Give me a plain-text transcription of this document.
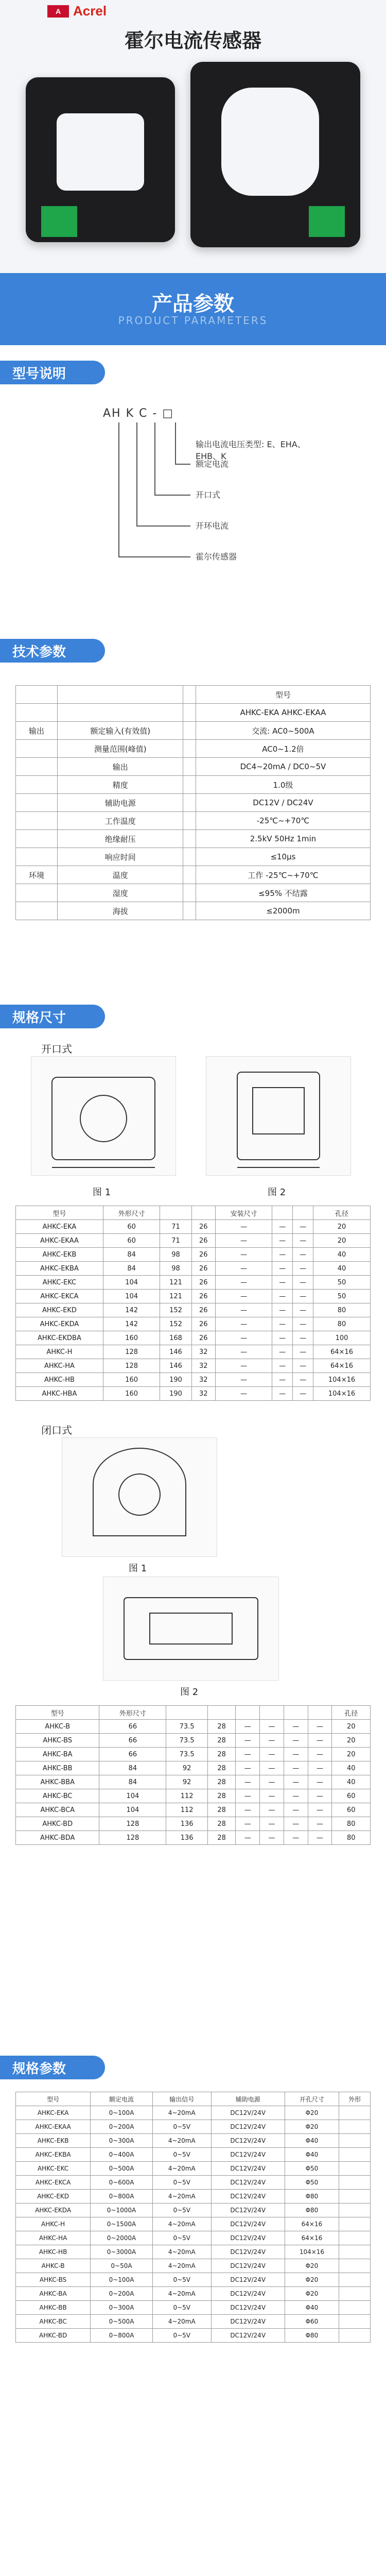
A Acrel
霍尔电流传感器
产品参数
PRODUCT PARAMETERS
型号说明
AH K C - □
输出电流电压类型: E、EHA、EHB、K
额定电流
开口式
开环电流
霍尔传感器
技术参数
			型号
			AHKC-EKA AHKC-EKAA
输出	额定输入(有效值)		交流: AC0~500A
	测量范围(峰值)		AC0~1.2倍
	输出		DC4~20mA / DC0~5V
	精度		1.0级
	辅助电源		DC12V / DC24V
	工作温度		-25℃~+70℃
	绝缘耐压		2.5kV 50Hz 1min
	响应时间		≤10μs
环境	温度		工作 -25℃~+70℃
	湿度		≤95% 不结露
	海拔		≤2000m
规格尺寸
开口式
图 1	图 2
型号	外形尺寸			安装尺寸			孔径
AHKC-EKA	60	71	26	—	—	—	20
AHKC-EKAA	60	71	26	—	—	—	20
AHKC-EKB	84	98	26	—	—	—	40
AHKC-EKBA	84	98	26	—	—	—	40
AHKC-EKC	104	121	26	—	—	—	50
AHKC-EKCA	104	121	26	—	—	—	50
AHKC-EKD	142	152	26	—	—	—	80
AHKC-EKDA	142	152	26	—	—	—	80
AHKC-EKDBA	160	168	26	—	—	—	100
AHKC-H	128	146	32	—	—	—	64×16
AHKC-HA	128	146	32	—	—	—	64×16
AHKC-HB	160	190	32	—	—	—	104×16
AHKC-HBA	160	190	32	—	—	—	104×16
闭口式
图 1
图 2
型号	外形尺寸							孔径
AHKC-B	66	73.5	28	—	—	—	—	20
AHKC-BS	66	73.5	28	—	—	—	—	20
AHKC-BA	66	73.5	28	—	—	—	—	20
AHKC-BB	84	92	28	—	—	—	—	40
AHKC-BBA	84	92	28	—	—	—	—	40
AHKC-BC	104	112	28	—	—	—	—	60
AHKC-BCA	104	112	28	—	—	—	—	60
AHKC-BD	128	136	28	—	—	—	—	80
AHKC-BDA	128	136	28	—	—	—	—	80
规格参数
型号	额定电流	输出信号	辅助电源	开孔尺寸	外形
AHKC-EKA	0~100A	4~20mA	DC12V/24V	Φ20	
AHKC-EKAA	0~200A	0~5V	DC12V/24V	Φ20	
AHKC-EKB	0~300A	4~20mA	DC12V/24V	Φ40	
AHKC-EKBA	0~400A	0~5V	DC12V/24V	Φ40	
AHKC-EKC	0~500A	4~20mA	DC12V/24V	Φ50	
AHKC-EKCA	0~600A	0~5V	DC12V/24V	Φ50	
AHKC-EKD	0~800A	4~20mA	DC12V/24V	Φ80	
AHKC-EKDA	0~1000A	0~5V	DC12V/24V	Φ80	
AHKC-H	0~1500A	4~20mA	DC12V/24V	64×16	
AHKC-HA	0~2000A	0~5V	DC12V/24V	64×16	
AHKC-HB	0~3000A	4~20mA	DC12V/24V	104×16	
AHKC-B	0~50A	4~20mA	DC12V/24V	Φ20	
AHKC-BS	0~100A	0~5V	DC12V/24V	Φ20	
AHKC-BA	0~200A	4~20mA	DC12V/24V	Φ20	
AHKC-BB	0~300A	0~5V	DC12V/24V	Φ40	
AHKC-BC	0~500A	4~20mA	DC12V/24V	Φ60	
AHKC-BD	0~800A	0~5V	DC12V/24V	Φ80	
